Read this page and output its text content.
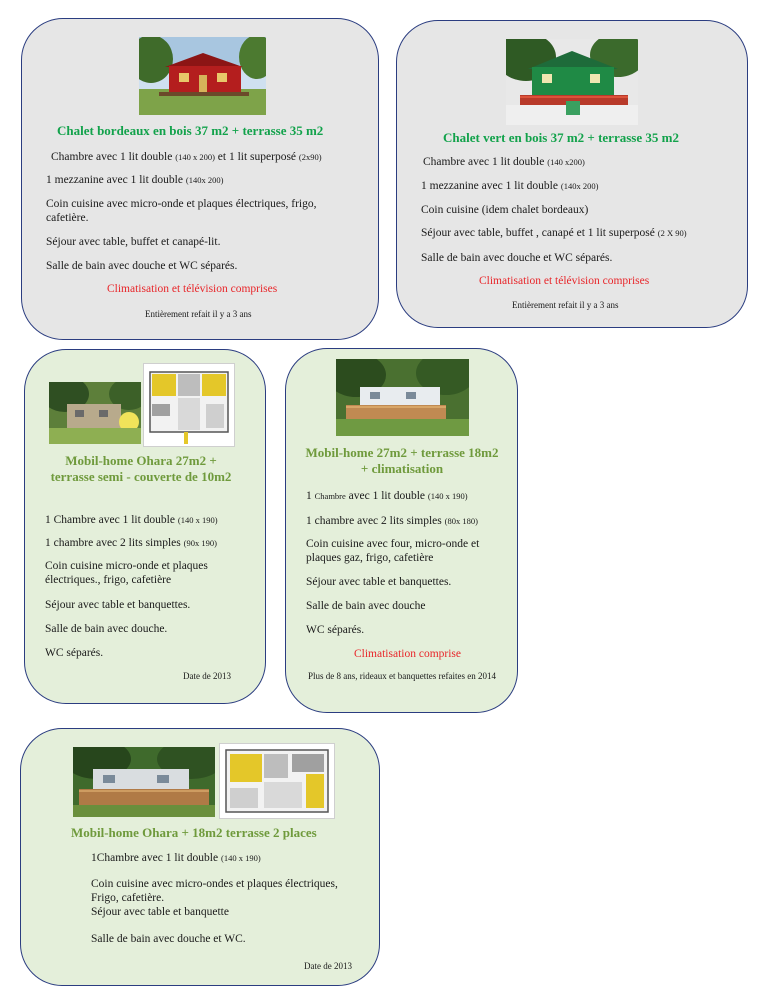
Chalet bordeaux en bois 37 m2 + terrasse 35 m2
Chambre avec 1 lit double (140 x 200) et 1 lit superposé (2x90)
1 mezzanine avec 1 lit double (140x 200)
Coin cuisine avec micro-onde et plaques électriques, frigo, cafetière.
Séjour avec table, buffet et canapé-lit.
Salle de bain avec douche et WC séparés.
Climatisation et télévision comprises
Entièrement refait il y a 3 ans
Chalet vert en bois 37 m2 + terrasse 35 m2
Chambre avec 1 lit double (140 x200)
1 mezzanine avec 1 lit double (140x 200)
Coin cuisine (idem chalet bordeaux)
Séjour avec table, buffet , canapé et 1 lit superposé (2 X 90)
Salle de bain avec douche et WC séparés.
Climatisation et télévision comprises
Entièrement refait il y a 3 ans
Mobil-home Ohara 27m2 + terrasse semi - couverte de 10m2
1 Chambre avec 1 lit double (140 x 190)
1 chambre avec 2 lits simples (90x 190)
Coin cuisine micro-onde et plaques électriques., frigo, cafetière
Séjour avec table et banquettes.
Salle de bain avec douche.
WC séparés.
Date de 2013
Mobil-home 27m2 + terrasse 18m2 + climatisation
1 Chambre avec 1 lit double (140 x 190)
1 chambre avec 2 lits simples (80x 180)
Coin cuisine avec four, micro-onde et plaques gaz, frigo, cafetière
Séjour avec table et banquettes.
Salle de bain avec douche
WC séparés.
Climatisation comprise
Plus de 8 ans, rideaux et banquettes refaites en 2014
Mobil-home Ohara + 18m2 terrasse 2 places
1Chambre avec 1 lit double (140 x 190)
Coin cuisine avec micro-ondes et plaques électriques,
Frigo, cafetière.
Séjour avec table et banquette
Salle de bain avec douche et WC.
Date de 2013
